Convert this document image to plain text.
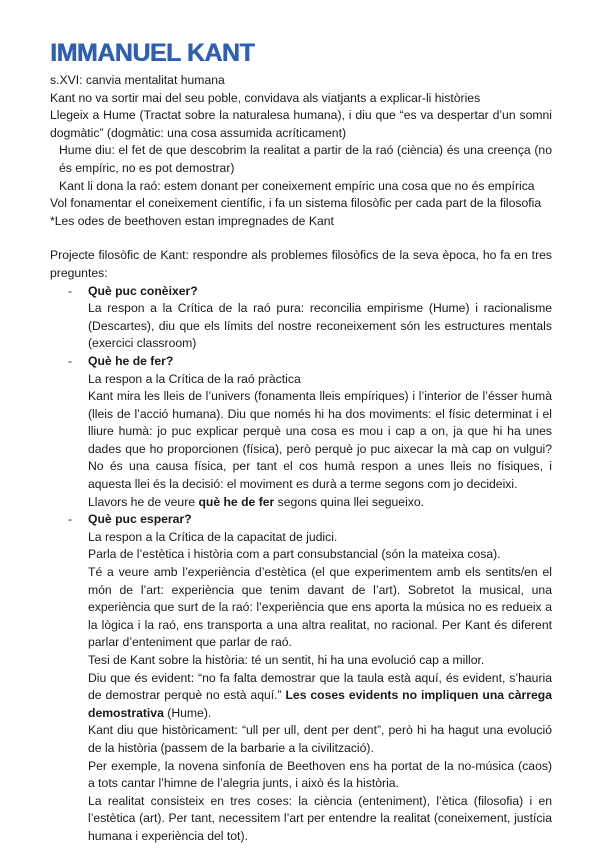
IMMANUEL KANT

s.XVI: canvia mentalitat humana

Kant no va sortir mai del seu poble, convidava als viatjants a explicar-li històries

Llegeix a Hume (Tractat sobre la naturalesa humana), i diu que “es va despertar d’un somni dogmàtic” (dogmàtic: una cosa assumida acríticament)

Hume diu: el fet de que descobrim la realitat a partir de la raó (ciència) és una creença (no és empíric, no es pot demostrar)

Kant li dona la raó: estem donant per coneixement empíric una cosa que no és empírica

Vol fonamentar el coneixement científic, i fa un sistema filosòfic per cada part de la filosofia

*Les odes de beethoven estan impregnades de Kant

Projecte filosòfic de Kant: respondre als problemes filosòfics de la seva època, ho fa en tres preguntes:

- Què puc conèixer?

La respon a la Crítica de la raó pura: reconcilia empirisme (Hume) i racionalisme (Descartes), diu que els límits del nostre reconeixement són les estructures mentals (exercici classroom)

- Què he de fer?

La respon a la Crítica de la raó pràctica

Kant mira les lleis de l’univers (fonamenta lleis empíriques) i l’interior de l’ésser humà (lleis de l’acció humana). Diu que només hi ha dos moviments: el físic determinat i el lliure humà: jo puc explicar perquè una cosa es mou i cap a on, ja que hi ha unes dades que ho proporcionen (física), però perquè jo puc aixecar la mà cap on vulgui? No és una causa física, per tant el cos humà respon a unes lleis no físiques, i aquesta llei és la decisió: el moviment es durà a terme segons com jo decideixi.

Llavors he de veure què he de fer segons quina llei segueixo.

- Què puc esperar?

La respon a la Crítica de la capacitat de judici.

Parla de l’estètica i història com a part consubstancial (són la mateixa cosa).

Té a veure amb l’experiència d’estètica (el que experimentem amb els sentits/en el món de l’art: experiència que tenim davant de l’art). Sobretot la musical, una experiència que surt de la raó: l’experiència que ens aporta la música no es redueix a la lògica i la raó, ens transporta a una altra realitat, no racional. Per Kant és diferent parlar d’enteniment que parlar de raó.

Tesi de Kant sobre la història: té un sentit, hi ha una evolució cap a millor.

Diu que és evident: “no fa falta demostrar que la taula està aquí, és evident, s’hauria de demostrar perquè no està aquí.” Les coses evidents no impliquen una càrrega demostrativa (Hume).

Kant diu que històricament: “ull per ull, dent per dent”, però hi ha hagut una evolució de la història (passem de la barbarie a la civilització).

Per exemple, la novena sinfonía de Beethoven ens ha portat de la no-música (caos) a tots cantar l’himne de l’alegria junts, i això és la història.

La realitat consisteix en tres coses: la ciència (enteniment), l’ètica (filosofia) i en l’estètica (art). Per tant, necessitem l’art per entendre la realitat (coneixement, justícia humana i experiència del tot).
